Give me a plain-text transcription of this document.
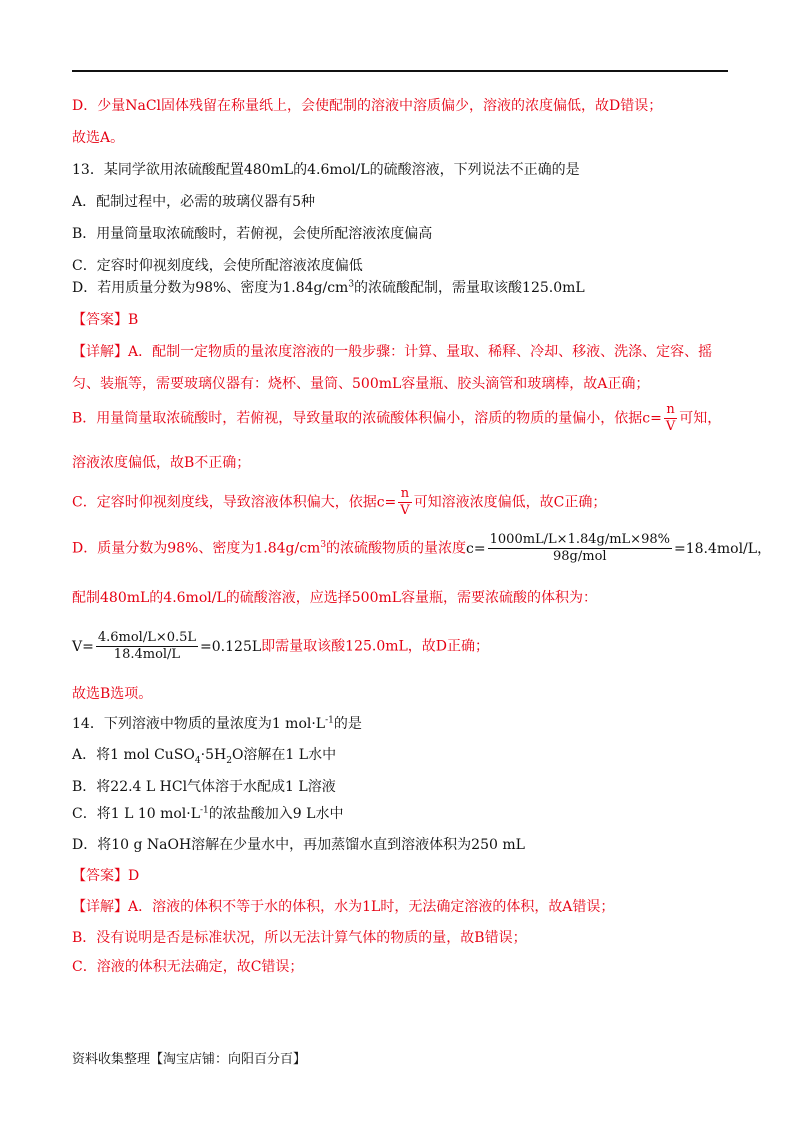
D．少量NaCl固体残留在称量纸上，会使配制的溶液中溶质偏少，溶液的浓度偏低，故D错误；
故选A。
13．某同学欲用浓硫酸配置480mL的4.6mol/L的硫酸溶液，下列说法不正确的是
A．配制过程中，必需的玻璃仪器有5种
B．用量筒量取浓硫酸时，若俯视，会使所配溶液浓度偏高
C．定容时仰视刻度线，会使所配溶液浓度偏低
D．若用质量分数为98%、密度为$1.84g/cm^3$的浓硫酸配制，需量取该酸125.0mL
【答案】B
【详解】A．配制一定物质的量浓度溶液的一般步骤：计算、量取、稀释、冷却、移液、洗涤、定容、摇
匀、装瓶等，需要玻璃仪器有：烧杯、量筒、500mL容量瓶、胶头滴管和玻璃棒，故A正确；
B．用量筒量取浓硫酸时，若俯视，导致量取的浓硫酸体积偏小，溶质的物质的量偏小，依据$c= \frac{n}{V}$ 可知，
溶液浓度偏低，故B不正确；
C．定容时仰视刻度线，导致溶液体积偏大，依据$c= \frac{n}{V}$ 可知溶液浓度偏低，故C正确；
D．质量分数为98%、密度为$1.84g/cm^3$的浓硫酸物质的量浓度$c= \frac{1000mL/L\times 1.84g/mL\times 98\%}{\text{98g/mol}} =18.4mol/L$，
配制480mL的4.6mol/L的硫酸溶液，应选择500mL容量瓶，需要浓硫酸的体积为：
$V= \frac{\text{4.6mol/L×0.5L}}{\text{18.4mol/L}} =0.125L$即需量取该酸125.0mL，故D正确；
故选B选项。
14．下列溶液中物质的量浓度为1 $mol\cdot L^{-1}$的是
A．将1 mol $CuSO_4\cdot 5H_2O$溶解在1 L水中
B．将22.4 L HCl气体溶于水配成1 L溶液
C．将1 L 10 $mol\cdot L^{-1}$的浓盐酸加入9 L水中
D．将10 g NaOH溶解在少量水中，再加蒸馏水直到溶液体积为250 mL
【答案】D
【详解】A．溶液的体积不等于水的体积，水为1L时，无法确定溶液的体积，故A错误；
B．没有说明是否是标准状况，所以无法计算气体的物质的量，故B错误；
C．溶液的体积无法确定，故C错误；
资料收集整理【淘宝店铺：向阳百分百】
